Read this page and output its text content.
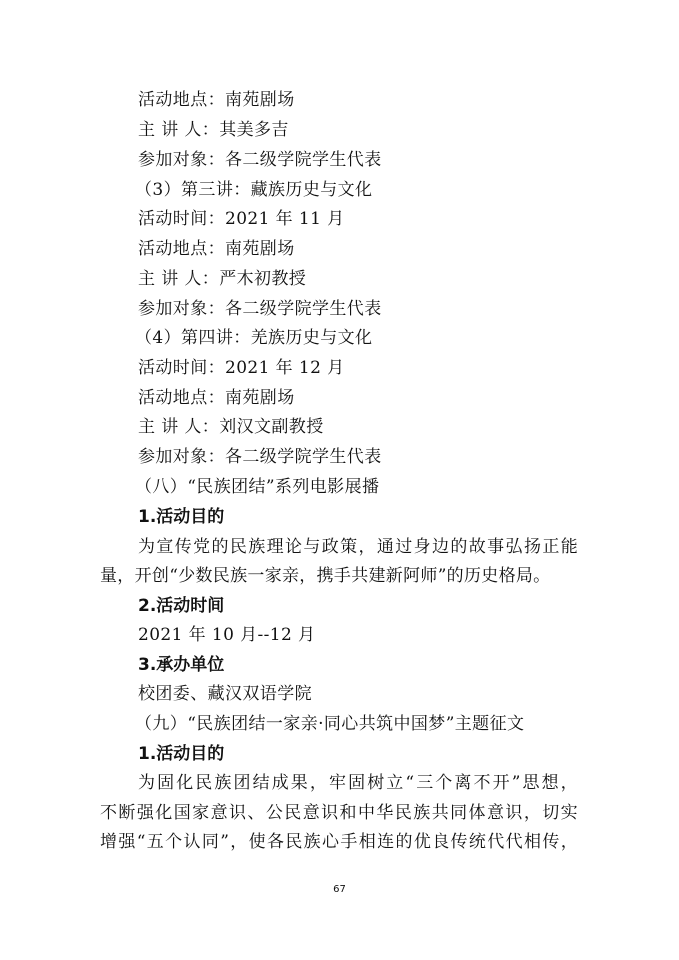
活动地点：南苑剧场
主 讲 人：其美多吉
参加对象：各二级学院学生代表
（3）第三讲：藏族历史与文化
活动时间：2021 年 11 月
活动地点：南苑剧场
主 讲 人：严木初教授
参加对象：各二级学院学生代表
（4）第四讲：羌族历史与文化
活动时间：2021 年 12 月
活动地点：南苑剧场
主 讲 人：刘汉文副教授
参加对象：各二级学院学生代表
（八）“民族团结”系列电影展播
1.活动目的
为宣传党的民族理论与政策，通过身边的故事弘扬正能
量，开创“少数民族一家亲，携手共建新阿师”的历史格局。
2.活动时间
2021 年 10 月--12 月
3.承办单位
校团委、藏汉双语学院
（九）“民族团结一家亲·同心共筑中国梦”主题征文
1.活动目的
为固化民族团结成果，牢固树立“三个离不开”思想，
不断强化国家意识、公民意识和中华民族共同体意识，切实
增强“五个认同”，使各民族心手相连的优良传统代代相传，
67
